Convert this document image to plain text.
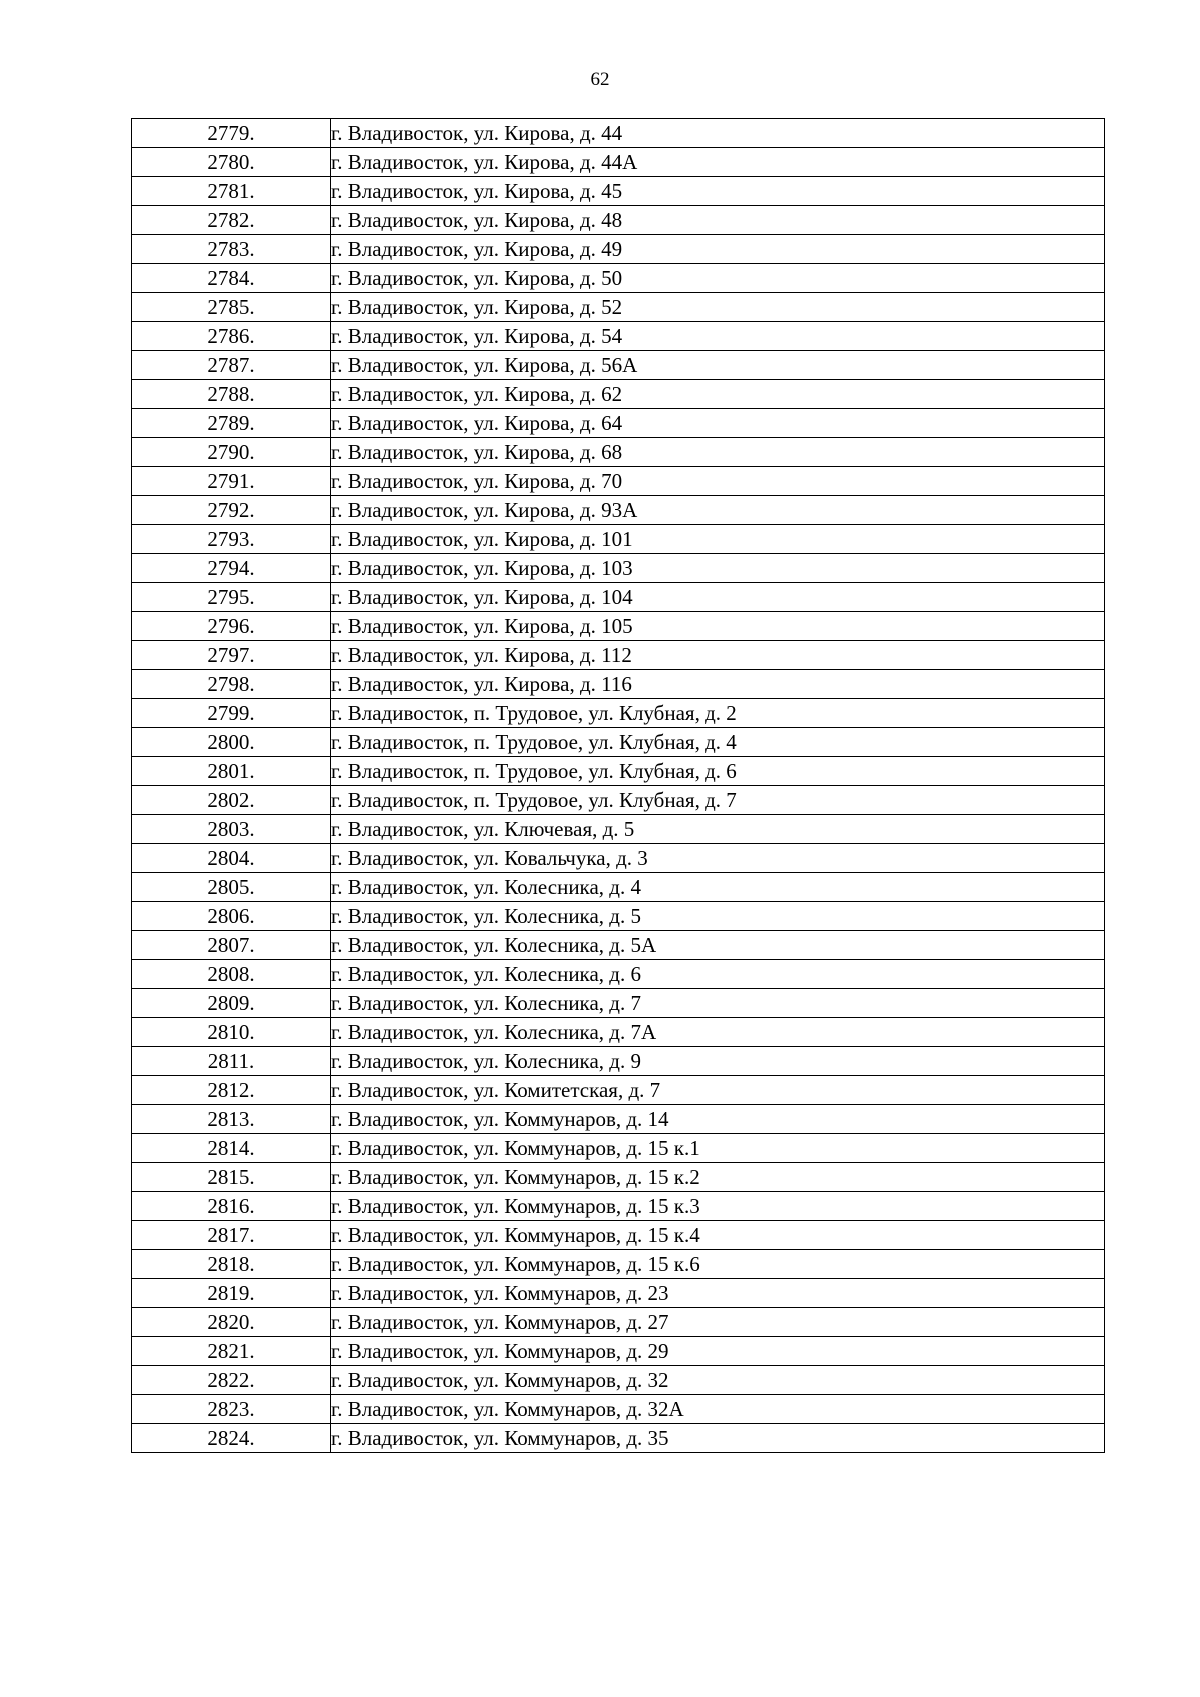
62
2779.	г. Владивосток, ул. Кирова, д. 44
2780.	г. Владивосток, ул. Кирова, д. 44А
2781.	г. Владивосток, ул. Кирова, д. 45
2782.	г. Владивосток, ул. Кирова, д. 48
2783.	г. Владивосток, ул. Кирова, д. 49
2784.	г. Владивосток, ул. Кирова, д. 50
2785.	г. Владивосток, ул. Кирова, д. 52
2786.	г. Владивосток, ул. Кирова, д. 54
2787.	г. Владивосток, ул. Кирова, д. 56А
2788.	г. Владивосток, ул. Кирова, д. 62
2789.	г. Владивосток, ул. Кирова, д. 64
2790.	г. Владивосток, ул. Кирова, д. 68
2791.	г. Владивосток, ул. Кирова, д. 70
2792.	г. Владивосток, ул. Кирова, д. 93А
2793.	г. Владивосток, ул. Кирова, д. 101
2794.	г. Владивосток, ул. Кирова, д. 103
2795.	г. Владивосток, ул. Кирова, д. 104
2796.	г. Владивосток, ул. Кирова, д. 105
2797.	г. Владивосток, ул. Кирова, д. 112
2798.	г. Владивосток, ул. Кирова, д. 116
2799.	г. Владивосток, п. Трудовое, ул. Клубная, д. 2
2800.	г. Владивосток, п. Трудовое, ул. Клубная, д. 4
2801.	г. Владивосток, п. Трудовое, ул. Клубная, д. 6
2802.	г. Владивосток, п. Трудовое, ул. Клубная, д. 7
2803.	г. Владивосток, ул. Ключевая, д. 5
2804.	г. Владивосток, ул. Ковальчука, д. 3
2805.	г. Владивосток, ул. Колесника, д. 4
2806.	г. Владивосток, ул. Колесника, д. 5
2807.	г. Владивосток, ул. Колесника, д. 5А
2808.	г. Владивосток, ул. Колесника, д. 6
2809.	г. Владивосток, ул. Колесника, д. 7
2810.	г. Владивосток, ул. Колесника, д. 7А
2811.	г. Владивосток, ул. Колесника, д. 9
2812.	г. Владивосток, ул. Комитетская, д. 7
2813.	г. Владивосток, ул. Коммунаров, д. 14
2814.	г. Владивосток, ул. Коммунаров, д. 15 к.1
2815.	г. Владивосток, ул. Коммунаров, д. 15 к.2
2816.	г. Владивосток, ул. Коммунаров, д. 15 к.3
2817.	г. Владивосток, ул. Коммунаров, д. 15 к.4
2818.	г. Владивосток, ул. Коммунаров, д. 15 к.6
2819.	г. Владивосток, ул. Коммунаров, д. 23
2820.	г. Владивосток, ул. Коммунаров, д. 27
2821.	г. Владивосток, ул. Коммунаров, д. 29
2822.	г. Владивосток, ул. Коммунаров, д. 32
2823.	г. Владивосток, ул. Коммунаров, д. 32А
2824.	г. Владивосток, ул. Коммунаров, д. 35
